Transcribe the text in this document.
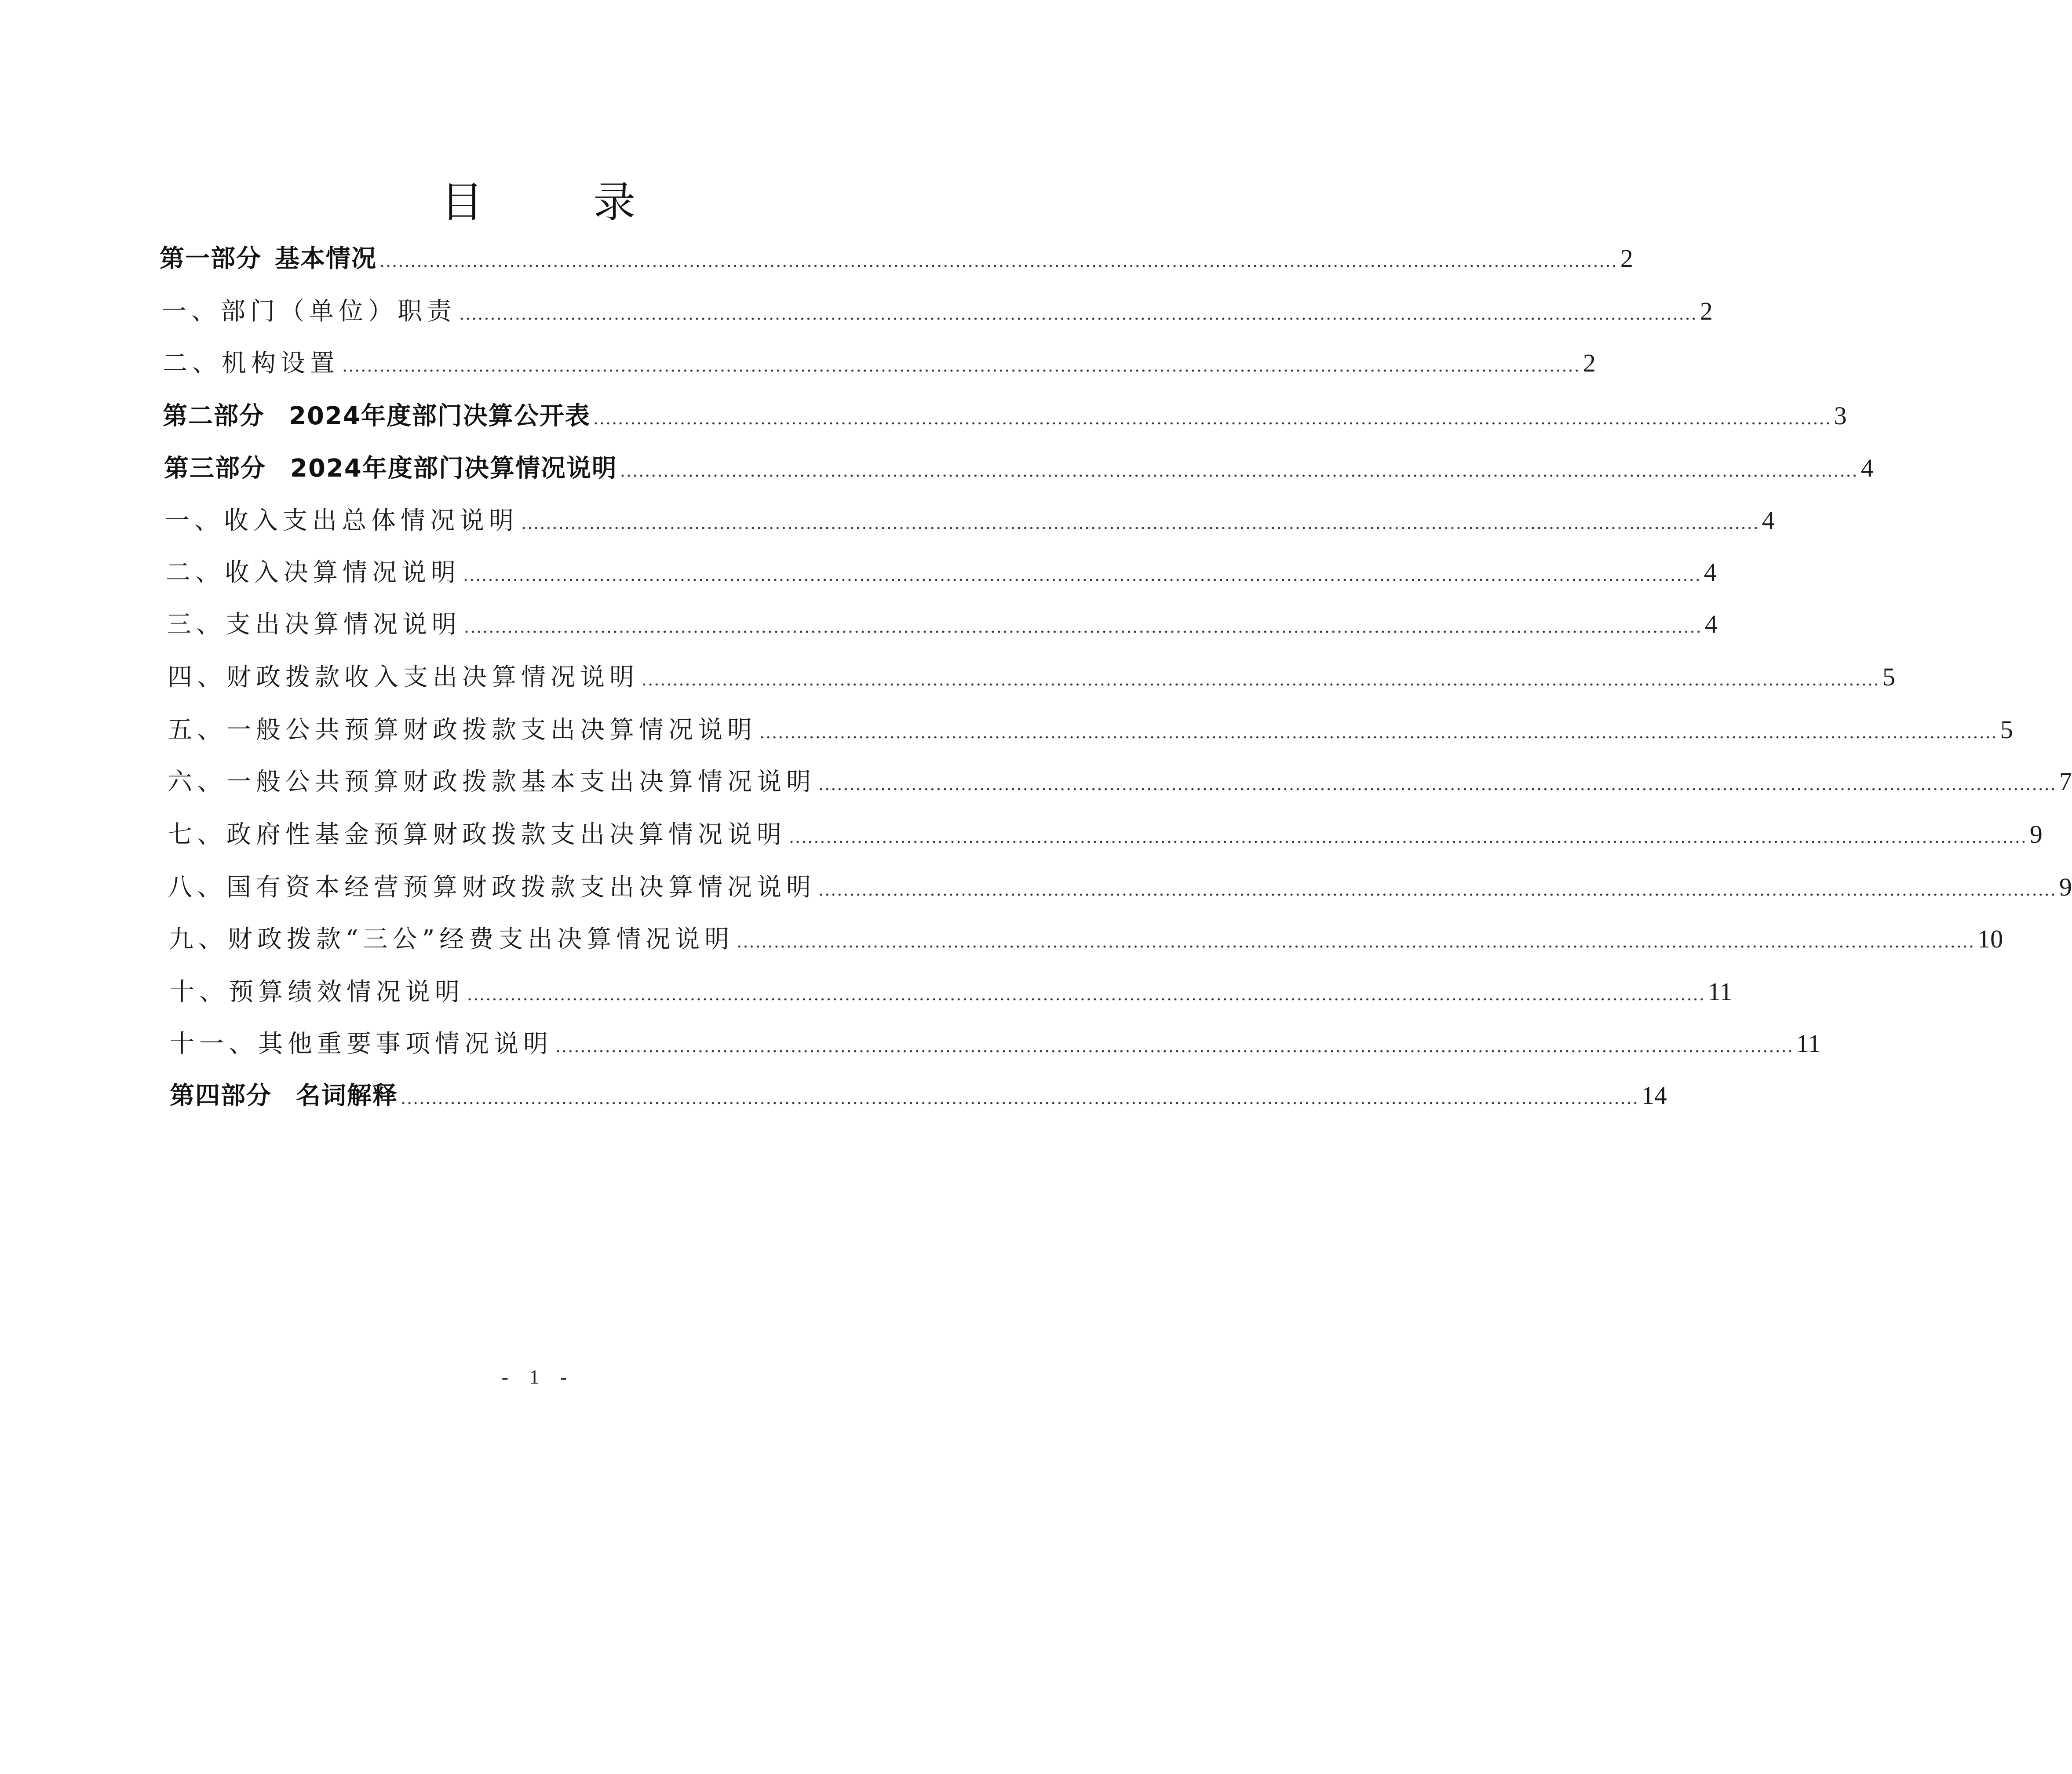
目 录
第一部分 基本情况 ........................................................................................................................................................................................................ 2
一、部门（单位）职责 ........................................................................................................................................................................................................ 2
二、机构设置 ........................................................................................................................................................................................................ 2
第二部分 2024年度部门决算公开表 ........................................................................................................................................................................................................ 3
第三部分 2024年度部门决算情况说明 ........................................................................................................................................................................................................ 4
一、收入支出总体情况说明 ........................................................................................................................................................................................................ 4
二、收入决算情况说明 ........................................................................................................................................................................................................ 4
三、支出决算情况说明 ........................................................................................................................................................................................................ 4
四、财政拨款收入支出决算情况说明 ........................................................................................................................................................................................................ 5
五、一般公共预算财政拨款支出决算情况说明 ........................................................................................................................................................................................................ 5
六、一般公共预算财政拨款基本支出决算情况说明 ........................................................................................................................................................................................................ 7
七、政府性基金预算财政拨款支出决算情况说明 ........................................................................................................................................................................................................ 9
八、国有资本经营预算财政拨款支出决算情况说明 ........................................................................................................................................................................................................ 9
九、财政拨款“三公”经费支出决算情况说明 ........................................................................................................................................................................................................ 10
十、预算绩效情况说明 ........................................................................................................................................................................................................ 11
十一、其他重要事项情况说明 ........................................................................................................................................................................................................ 11
第四部分 名词解释 ........................................................................................................................................................................................................ 14
- 1 -
